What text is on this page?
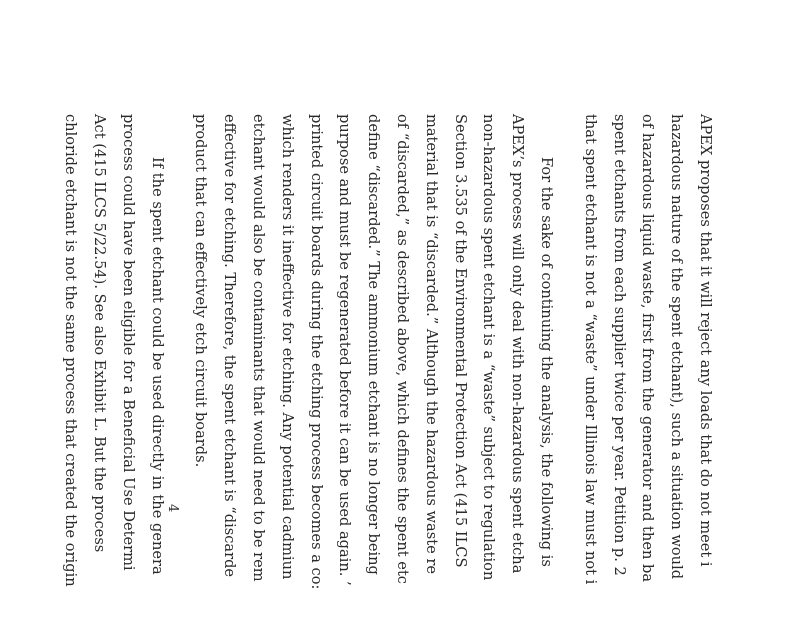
APEX proposes that it will reject any loads that do not meet i
hazardous nature of the spent etchant), such a situation would
of hazardous liquid waste, first from the generator and then ba
spent etchants from each supplier twice per year. Petition p. 2
that spent etchant is not a “waste” under Illinois law must not i
For the sake of continuing the analysis, the following is
APEX’s process will only deal with non-hazardous spent etcha
non-hazardous spent etchant is a “waste” subject to regulation
Section 3.535 of the Environmental Protection Act (415 ILCS
material that is “discarded.” Although the hazardous waste re
of “discarded,” as described above, which defines the spent etc
define “discarded.” The ammonium etchant is no longer being
purpose and must be regenerated before it can be used again. ’
printed circuit boards during the etching process becomes a co:
which renders it ineffective for etching. Any potential cadmiun
etchant would also be contaminants that would need to be rem
effective for etching. Therefore, the spent etchant is “discarde
product that can effectively etch circuit boards.
If the spent etchant could be used directly in the genera
process could have been eligible for a Beneficial Use Determi
Act (415 ILCS 5/22.54). See also Exhibit L. But the process
chloride etchant is not the same process that created the origin	4
